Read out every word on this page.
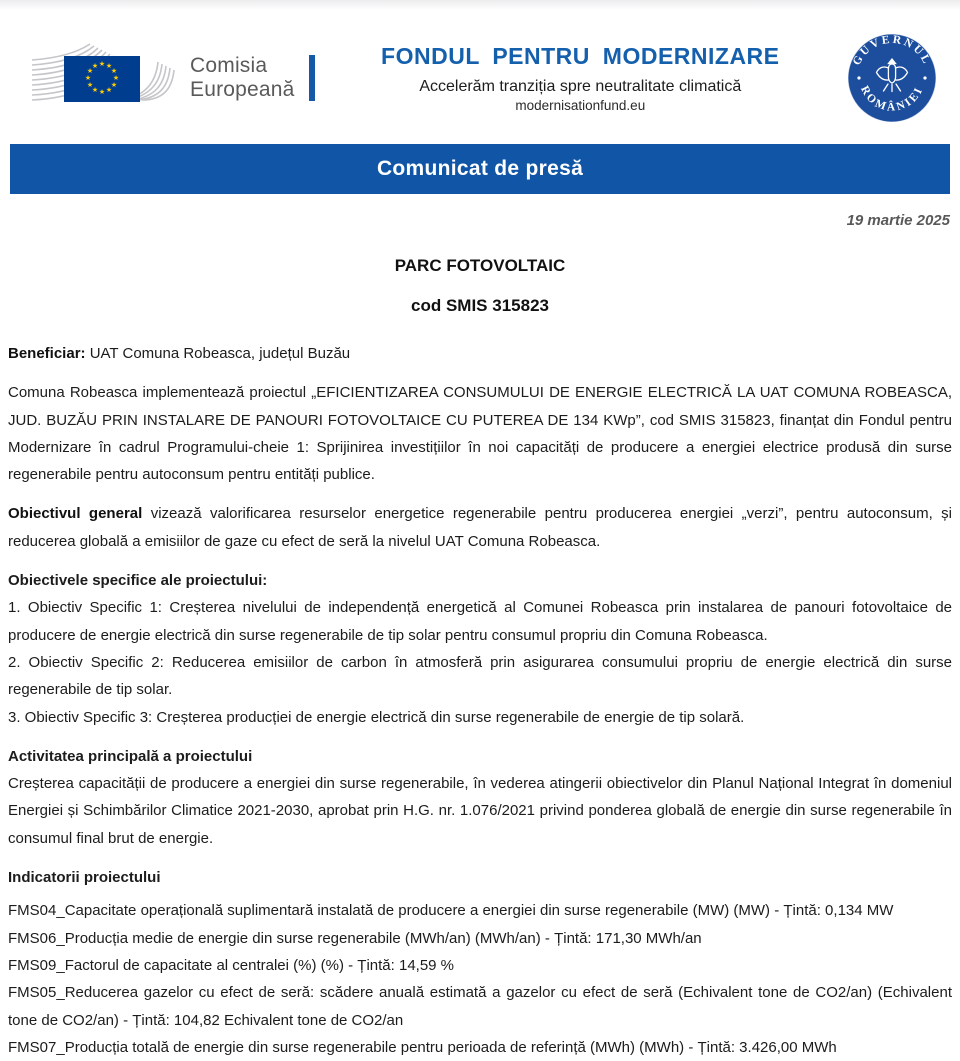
★ ★
★
★
★
★
★
★
★
★
★
★	Comisia
Europeană
FONDUL PENTRU MODERNIZARE
Accelerăm tranziția spre neutralitate climatică
modernisationfund.eu
GUVERNUL
ROMÂNIEI
Comunicat de presă
19 martie 2025
PARC FOTOVOLTAIC
cod SMIS 315823

Beneficiar: UAT Comuna Robeasca, județul Buzău

Comuna Robeasca implementează proiectul „EFICIENTIZAREA CONSUMULUI DE ENERGIE ELECTRICĂ LA UAT COMUNA ROBEASCA, JUD. BUZĂU PRIN INSTALARE DE PANOURI FOTOVOLTAICE CU PUTEREA DE 134 KWp”, cod SMIS 315823, finanțat din Fondul pentru Modernizare în cadrul Programului-cheie 1: Sprijinirea investițiilor în noi capacități de producere a energiei electrice produsă din surse regenerabile pentru autoconsum pentru entități publice.

Obiectivul general vizează valorificarea resurselor energetice regenerabile pentru producerea energiei „verzi”, pentru autoconsum, și reducerea globală a emisiilor de gaze cu efect de seră la nivelul UAT Comuna Robeasca.

Obiectivele specifice ale proiectului:

1. Obiectiv Specific 1: Creșterea nivelului de independență energetică al Comunei Robeasca prin instalarea de panouri fotovoltaice de producere de energie electrică din surse regenerabile de tip solar pentru consumul propriu din Comuna Robeasca.

2. Obiectiv Specific 2: Reducerea emisiilor de carbon în atmosferă prin asigurarea consumului propriu de energie electrică din surse regenerabile de tip solar.

3. Obiectiv Specific 3: Creșterea producției de energie electrică din surse regenerabile de energie de tip solară.

Activitatea principală a proiectului

Creșterea capacității de producere a energiei din surse regenerabile, în vederea atingerii obiectivelor din Planul Național Integrat în domeniul Energiei și Schimbărilor Climatice 2021-2030, aprobat prin H.G. nr. 1.076/2021 privind ponderea globală de energie din surse regenerabile în consumul final brut de energie.

Indicatorii proiectului

FMS04_Capacitate operațională suplimentară instalată de producere a energiei din surse regenerabile (MW) (MW) - Țintă: 0,134 MW

FMS06_Producția medie de energie din surse regenerabile (MWh/an) (MWh/an) - Țintă: 171,30 MWh/an

FMS09_Factorul de capacitate al centralei (%) (%) - Țintă: 14,59 %

FMS05_Reducerea gazelor cu efect de seră: scădere anuală estimată a gazelor cu efect de seră (Echivalent tone de CO2/an) (Echivalent tone de CO2/an) - Țintă: 104,82 Echivalent tone de CO2/an

FMS07_Producția totală de energie din surse regenerabile pentru perioada de referință (MWh) (MWh) - Țintă: 3.426,00 MWh
